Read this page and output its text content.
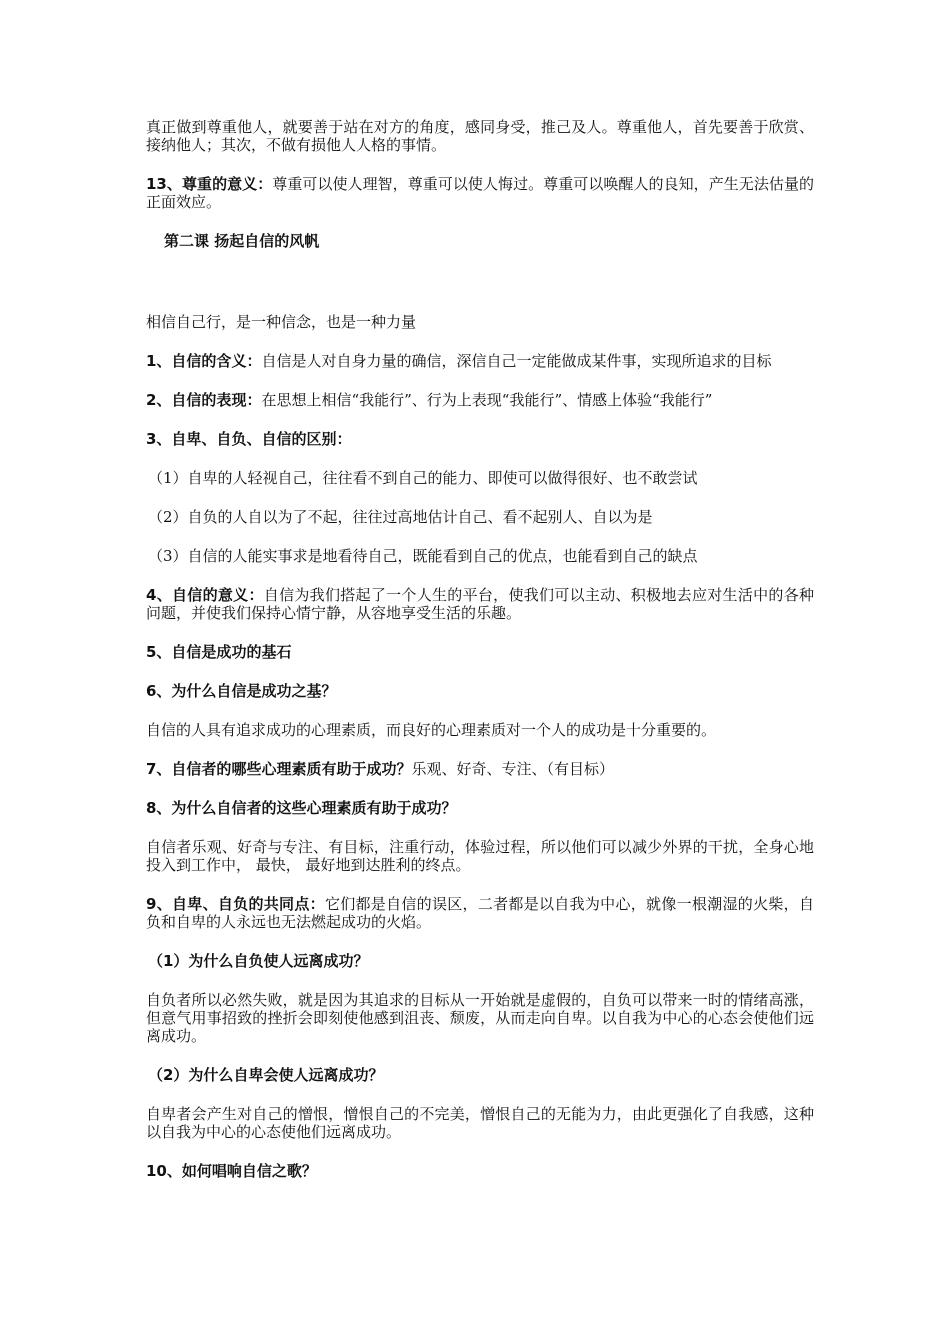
真正做到尊重他人，就要善于站在对方的角度，感同身受，推己及人。尊重他人，首先要善于欣赏、接纳他人；其次，不做有损他人人格的事情。

13、尊重的意义：尊重可以使人理智，尊重可以使人悔过。尊重可以唤醒人的良知，产生无法估量的正面效应。

第二课 扬起自信的风帆

相信自己行，是一种信念，也是一种力量

1、自信的含义：自信是人对自身力量的确信，深信自己一定能做成某件事，实现所追求的目标

2、自信的表现：在思想上相信“我能行”、行为上表现“我能行”、情感上体验“我能行”

3、自卑、自负、自信的区别：

（1）自卑的人轻视自己，往往看不到自己的能力、即使可以做得很好、也不敢尝试

（2）自负的人自以为了不起，往往过高地估计自己、看不起别人、自以为是

（3）自信的人能实事求是地看待自己，既能看到自己的优点，也能看到自己的缺点

4、自信的意义：自信为我们搭起了一个人生的平台，使我们可以主动、积极地去应对生活中的各种问题，并使我们保持心情宁静，从容地享受生活的乐趣。

5、自信是成功的基石

6、为什么自信是成功之基？

自信的人具有追求成功的心理素质，而良好的心理素质对一个人的成功是十分重要的。

7、自信者的哪些心理素质有助于成功？乐观、好奇、专注、（有目标）

8、为什么自信者的这些心理素质有助于成功？

自信者乐观、好奇与专注、有目标，注重行动，体验过程，所以他们可以减少外界的干扰，全身心地投入到工作中， 最快， 最好地到达胜利的终点。

9、自卑、自负的共同点：它们都是自信的误区，二者都是以自我为中心，就像一根潮湿的火柴，自负和自卑的人永远也无法燃起成功的火焰。

（1）为什么自负使人远离成功？

自负者所以必然失败，就是因为其追求的目标从一开始就是虚假的，自负可以带来一时的情绪高涨，但意气用事招致的挫折会即刻使他感到沮丧、颓废，从而走向自卑。以自我为中心的心态会使他们远离成功。

（2）为什么自卑会使人远离成功？

自卑者会产生对自己的憎恨，憎恨自己的不完美，憎恨自己的无能为力，由此更强化了自我感，这种以自我为中心的心态使他们远离成功。

10、如何唱响自信之歌？
